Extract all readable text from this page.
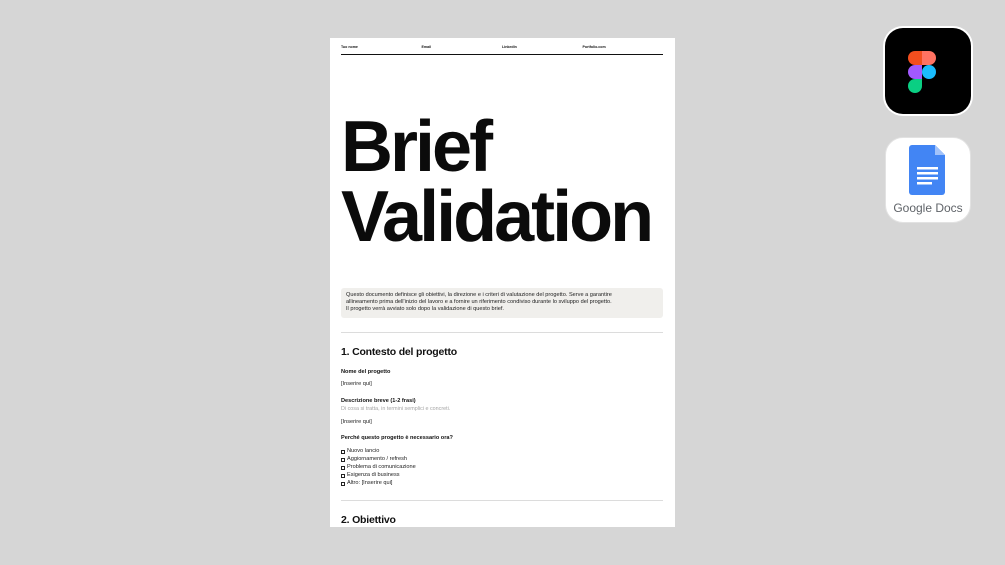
Tuo nome	Email	LinkedIn	Portfolio.com
Brief
Validation
Questo documento definisce gli obiettivi, la direzione e i criteri di valutazione del progetto. Serve a garantire
allineamento prima dell'inizio del lavoro e a fornire un riferimento condiviso durante lo sviluppo del progetto.
Il progetto verrà avviato solo dopo la validazione di questo brief.
1. Contesto del progetto
Nome del progetto
[Inserire qui]
Descrizione breve (1-2 frasi)
Di cosa si tratta, in termini semplici e concreti.
[Inserire qui]
Perché questo progetto è necessario ora?
Nuovo lancio
Aggiornamento / refresh
Problema di comunicazione
Esigenza di business
Altro: [Inserire qui]
2. Obiettivo
Google Docs
